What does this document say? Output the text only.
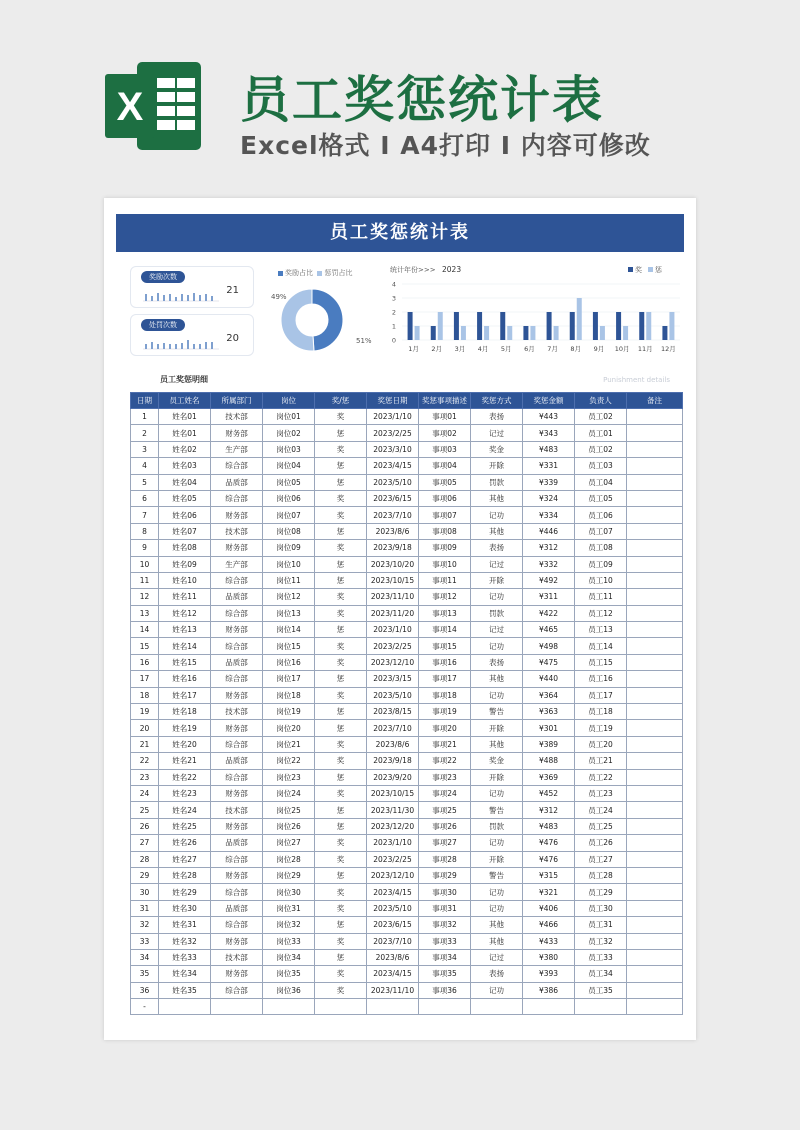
X 员工奖惩统计表
Excel格式 I A4打印 I 内容可修改
员工奖惩统计表
奖励次数
21
处罚次数
20
奖励占比 惩罚占比
49%
51%
统计年份>>> 2023	奖 惩
0
1
2
3
4
1月 2月 3月 4月 5月 6月 7月 8月 9月 10月 11月 12月
员工奖惩明细	Punishment details
日期	员工姓名	所属部门	岗位	奖/惩	奖惩日期	奖惩事项描述	奖惩方式	奖惩金额	负责人	备注
1	姓名01	技术部	岗位01	奖	2023/1/10	事项01	表扬	¥443	员工02	
2	姓名01	财务部	岗位02	惩	2023/2/25	事项02	记过	¥343	员工01	
3	姓名02	生产部	岗位03	奖	2023/3/10	事项03	奖金	¥483	员工02	
4	姓名03	综合部	岗位04	惩	2023/4/15	事项04	开除	¥331	员工03	
5	姓名04	品质部	岗位05	惩	2023/5/10	事项05	罚款	¥339	员工04	
6	姓名05	综合部	岗位06	奖	2023/6/15	事项06	其他	¥324	员工05	
7	姓名06	财务部	岗位07	奖	2023/7/10	事项07	记功	¥334	员工06	
8	姓名07	技术部	岗位08	惩	2023/8/6	事项08	其他	¥446	员工07	
9	姓名08	财务部	岗位09	奖	2023/9/18	事项09	表扬	¥312	员工08	
10	姓名09	生产部	岗位10	惩	2023/10/20	事项10	记过	¥332	员工09	
11	姓名10	综合部	岗位11	惩	2023/10/15	事项11	开除	¥492	员工10	
12	姓名11	品质部	岗位12	奖	2023/11/10	事项12	记功	¥311	员工11	
13	姓名12	综合部	岗位13	奖	2023/11/20	事项13	罚款	¥422	员工12	
14	姓名13	财务部	岗位14	惩	2023/1/10	事项14	记过	¥465	员工13	
15	姓名14	综合部	岗位15	奖	2023/2/25	事项15	记功	¥498	员工14	
16	姓名15	品质部	岗位16	奖	2023/12/10	事项16	表扬	¥475	员工15	
17	姓名16	综合部	岗位17	惩	2023/3/15	事项17	其他	¥440	员工16	
18	姓名17	财务部	岗位18	奖	2023/5/10	事项18	记功	¥364	员工17	
19	姓名18	技术部	岗位19	惩	2023/8/15	事项19	警告	¥363	员工18	
20	姓名19	财务部	岗位20	惩	2023/7/10	事项20	开除	¥301	员工19	
21	姓名20	综合部	岗位21	奖	2023/8/6	事项21	其他	¥389	员工20	
22	姓名21	品质部	岗位22	奖	2023/9/18	事项22	奖金	¥488	员工21	
23	姓名22	综合部	岗位23	惩	2023/9/20	事项23	开除	¥369	员工22	
24	姓名23	财务部	岗位24	奖	2023/10/15	事项24	记功	¥452	员工23	
25	姓名24	技术部	岗位25	惩	2023/11/30	事项25	警告	¥312	员工24	
26	姓名25	财务部	岗位26	惩	2023/12/20	事项26	罚款	¥483	员工25	
27	姓名26	品质部	岗位27	奖	2023/1/10	事项27	记功	¥476	员工26	
28	姓名27	综合部	岗位28	奖	2023/2/25	事项28	开除	¥476	员工27	
29	姓名28	财务部	岗位29	惩	2023/12/10	事项29	警告	¥315	员工28	
30	姓名29	综合部	岗位30	奖	2023/4/15	事项30	记功	¥321	员工29	
31	姓名30	品质部	岗位31	奖	2023/5/10	事项31	记功	¥406	员工30	
32	姓名31	综合部	岗位32	惩	2023/6/15	事项32	其他	¥466	员工31	
33	姓名32	财务部	岗位33	奖	2023/7/10	事项33	其他	¥433	员工32	
34	姓名33	技术部	岗位34	惩	2023/8/6	事项34	记过	¥380	员工33	
35	姓名34	财务部	岗位35	奖	2023/4/15	事项35	表扬	¥393	员工34	
36	姓名35	综合部	岗位36	奖	2023/11/10	事项36	记功	¥386	员工35	
-										
